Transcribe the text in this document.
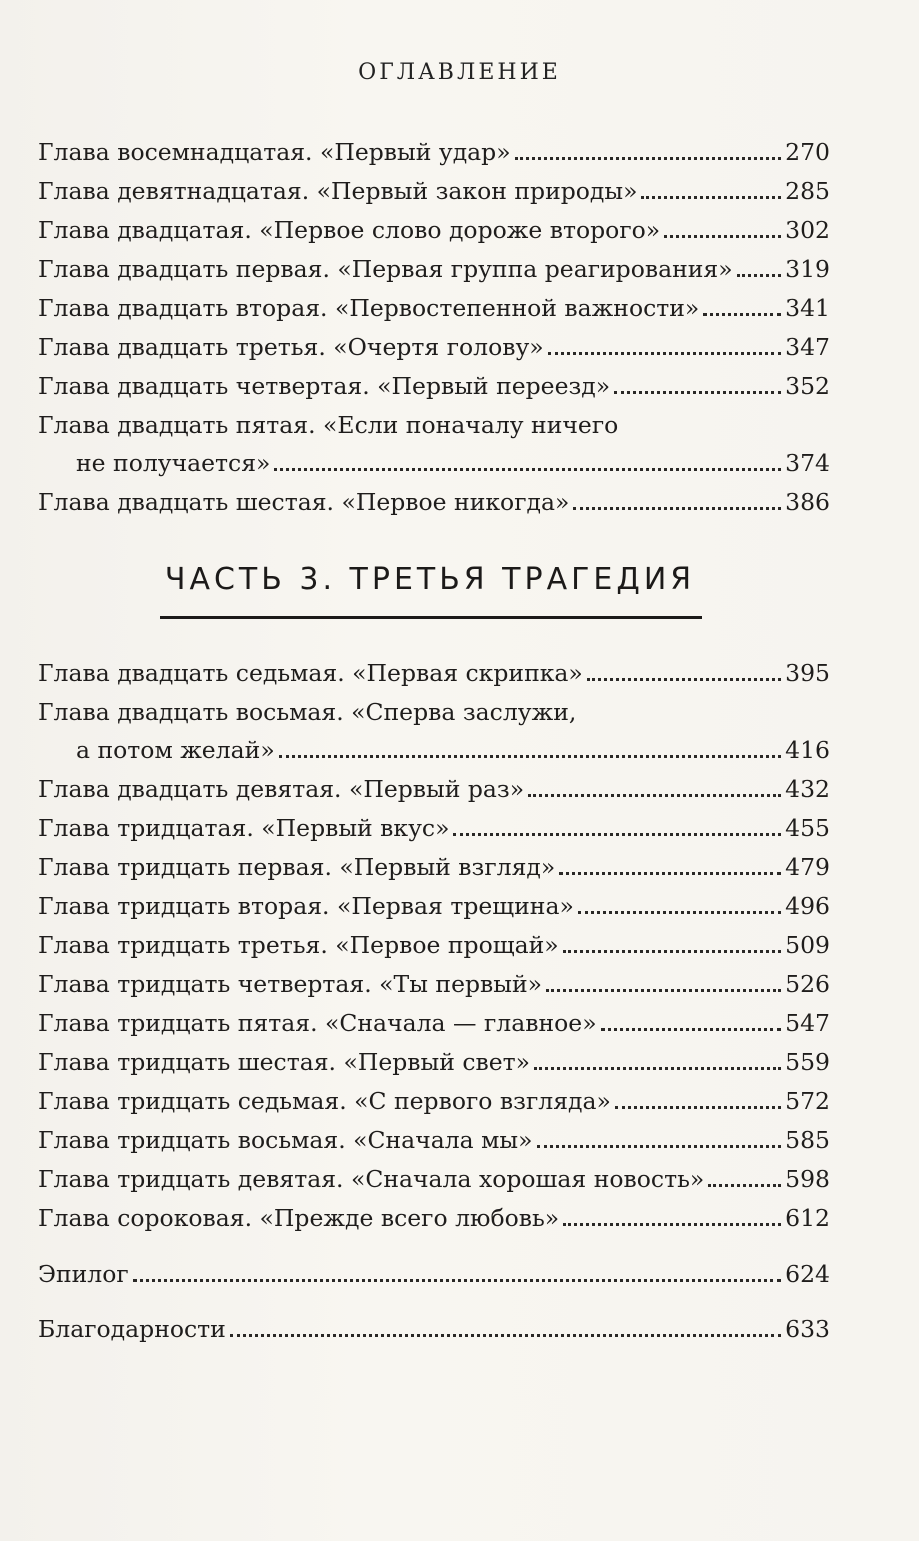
ОГЛАВЛЕНИЕ
Глава восемнадцатая. «Первый удар»	270
Глава девятнадцатая. «Первый закон природы»	285
Глава двадцатая. «Первое слово дороже второго»	302
Глава двадцать первая. «Первая группа реагирования» 319
Глава двадцать вторая. «Первостепенной важности»	341
Глава двадцать третья. «Очертя голову»	347
Глава двадцать четвертая. «Первый переезд»	352
Глава двадцать пятая. «Если поначалу ничего
не получается»	374
Глава двадцать шестая. «Первое никогда»	386
ЧАСТЬ 3. ТРЕТЬЯ ТРАГЕДИЯ
Глава двадцать седьмая. «Первая скрипка»	395
Глава двадцать восьмая. «Сперва заслужи,
а потом желай»	416
Глава двадцать девятая. «Первый раз»	432
Глава тридцатая. «Первый вкус»	455
Глава тридцать первая. «Первый взгляд»	479
Глава тридцать вторая. «Первая трещина»	496
Глава тридцать третья. «Первое прощай»	509
Глава тридцать четвертая. «Ты первый»	526
Глава тридцать пятая. «Сначала — главное»	547
Глава тридцать шестая. «Первый свет»	559
Глава тридцать седьмая. «С первого взгляда»	572
Глава тридцать восьмая. «Сначала мы»	585
Глава тридцать девятая. «Сначала хорошая новость»	598
Глава сороковая. «Прежде всего любовь»	612
Эпилог	624
Благодарности	633
